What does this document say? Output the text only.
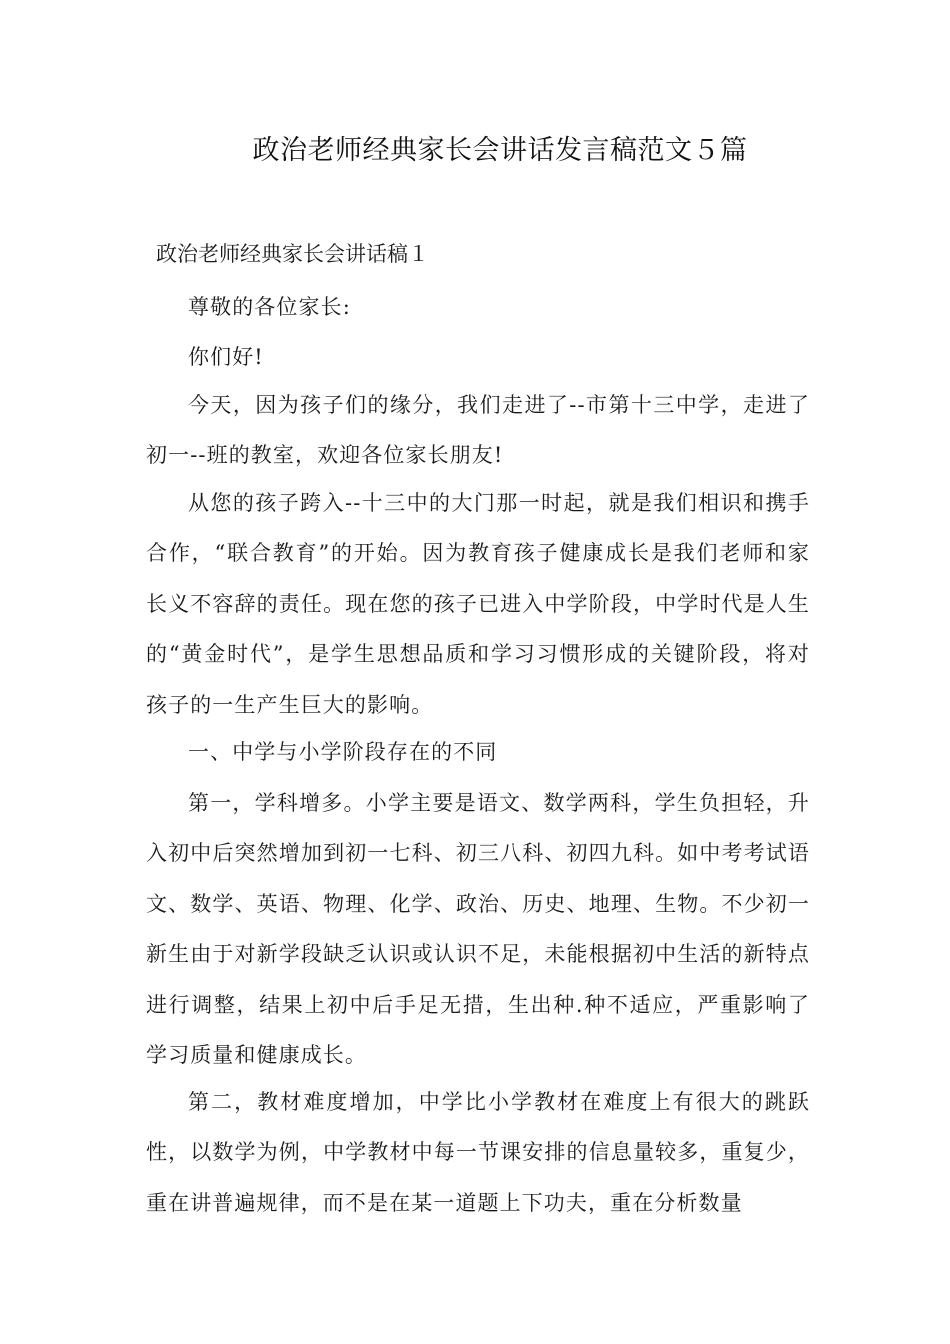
政治老师经典家长会讲话发言稿范文５篇

政治老师经典家长会讲话稿１

尊敬的各位家长:

你们好!

今天，因为孩子们的缘分，我们走进了--市第十三中学，走进了初一--班的教室，欢迎各位家长朋友!

从您的孩子跨入--十三中的大门那一时起，就是我们相识和携手合作，“联合教育”的开始。因为教育孩子健康成长是我们老师和家长义不容辞的责任。现在您的孩子已进入中学阶段，中学时代是人生的“黄金时代”，是学生思想品质和学习习惯形成的关键阶段，将对孩子的一生产生巨大的影响。

一、中学与小学阶段存在的不同

第一，学科增多。小学主要是语文、数学两科，学生负担轻，升入初中后突然增加到初一七科、初三八科、初四九科。如中考考试语文、数学、英语、物理、化学、政治、历史、地理、生物。不少初一新生由于对新学段缺乏认识或认识不足，未能根据初中生活的新特点进行调整，结果上初中后手足无措，生出种.种不适应，严重影响了学习质量和健康成长。

第二，教材难度增加，中学比小学教材在难度上有很大的跳跃性，以数学为例，中学教材中每一节课安排的信息量较多，重复少，重在讲普遍规律，而不是在某一道题上下功夫，重在分析数量
